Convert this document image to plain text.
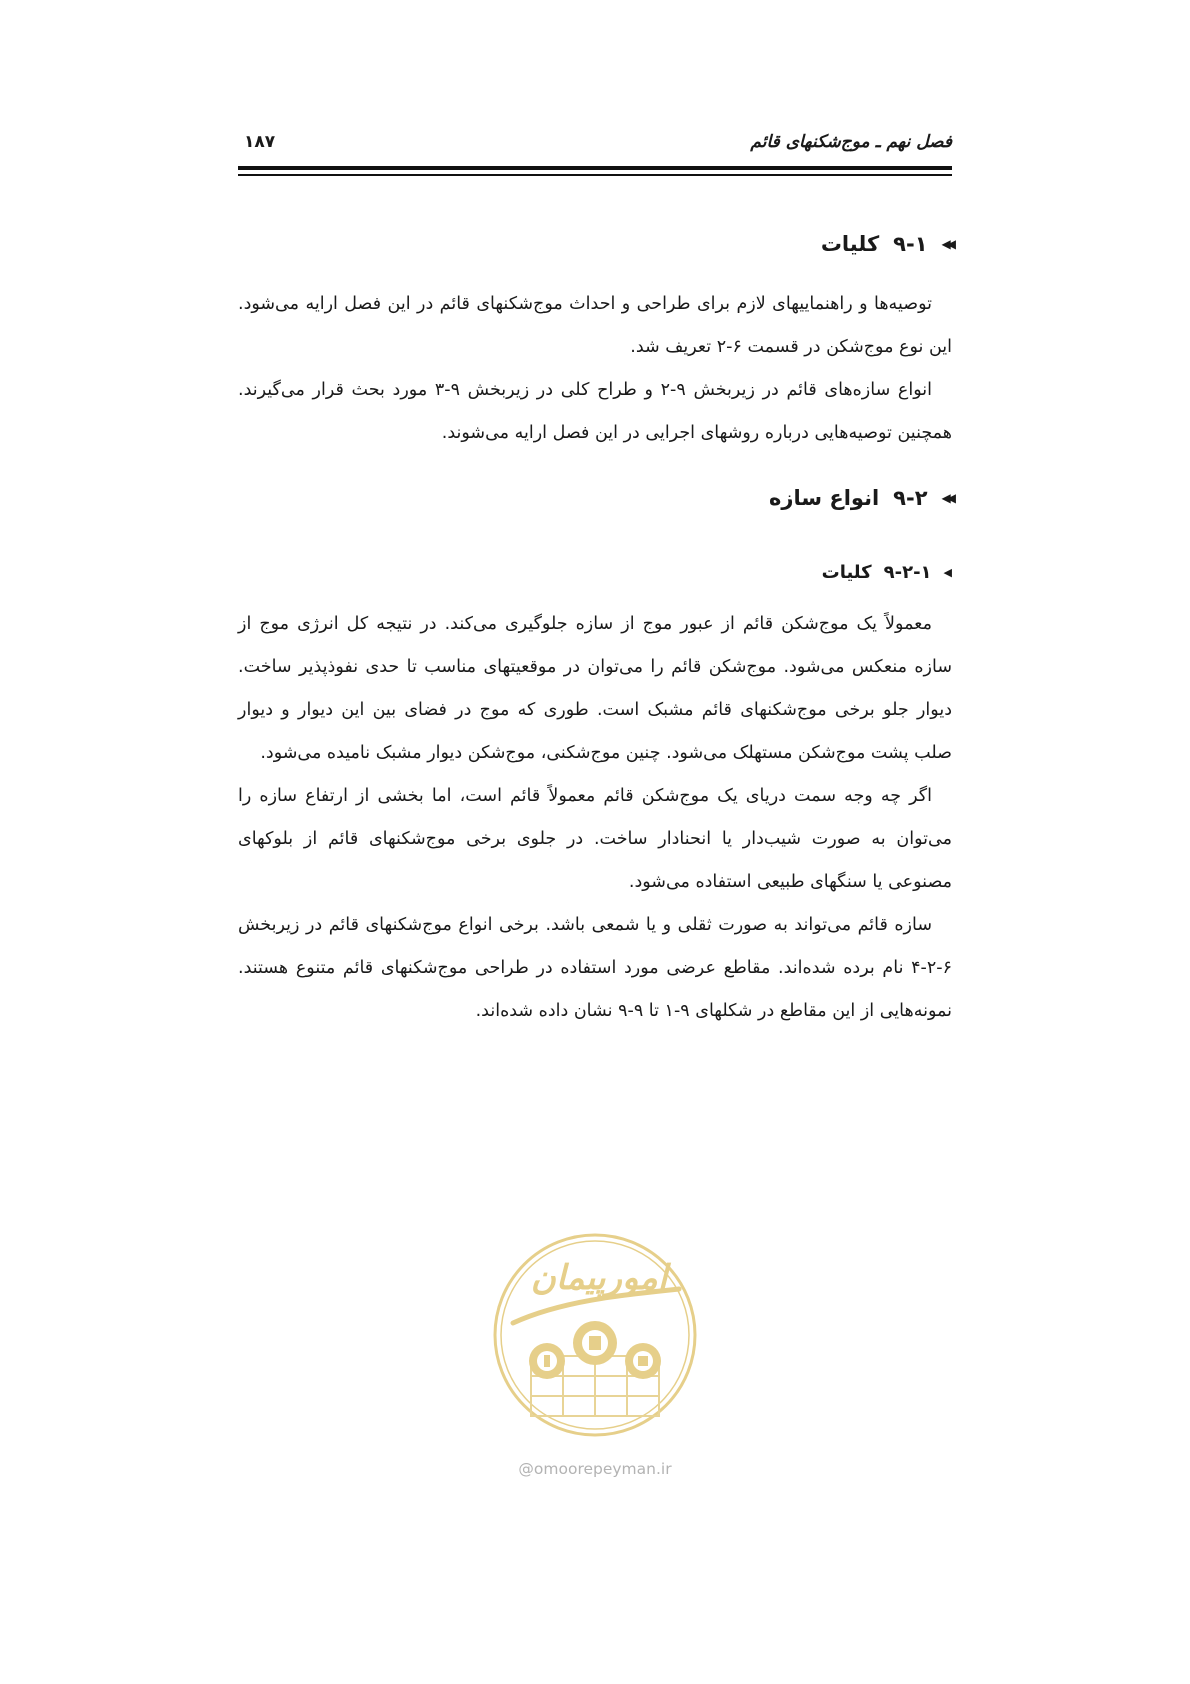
فصل نهم ـ موج‌شکنهای قائم
۱۸۷
◀◀
۹-۱
کلیات
توصیه‌ها و راهنماییهای لازم برای طراحی و احداث موج‌شکنهای قائم در این فصل ارایه می‌شود. این نوع موج‌شکن در قسمت ۶-۲ تعریف شد.
انواع سازه‌های قائم در زیربخش ۹-۲ و طراح کلی در زیربخش ۹-۳ مورد بحث قرار می‌گیرند. همچنین توصیه‌هایی درباره روشهای اجرایی در این فصل ارایه می‌شوند.
◀◀
۹-۲
انواع سازه
◀
۹-۲-۱
کلیات
معمولاً یک موج‌شکن قائم از عبور موج از سازه جلوگیری می‌کند. در نتیجه کل انرژی موج از سازه منعکس می‌شود. موج‌شکن قائم را می‌توان در موقعیتهای مناسب تا حدی نفوذپذیر ساخت. دیوار جلو برخی موج‌شکنهای قائم مشبک است. طوری که موج در فضای بین این دیوار و دیوار صلب پشت موج‌شکن مستهلک می‌شود. چنین موج‌شکنی، موج‌شکن دیوار مشبک نامیده می‌شود.
اگر چه وجه سمت دریای یک موج‌شکن قائم معمولاً قائم است، اما بخشی از ارتفاع سازه را می‌توان به صورت شیب‌دار یا انحنادار ساخت. در جلوی برخی موج‌شکنهای قائم از بلوکهای مصنوعی یا سنگهای طبیعی استفاده می‌شود.
سازه قائم می‌تواند به صورت ثقلی و یا شمعی باشد. برخی انواع موج‌شکنهای قائم در زیربخش ۶-۲-۴ نام برده شده‌اند. مقاطع عرضی مورد استفاده در طراحی موج‌شکنهای قائم متنوع هستند. نمونه‌هایی از این مقاطع در شکلهای ۹-۱ تا ۹-۹ نشان داده شده‌اند.
امورپیمان
@omoorepeyman.ir
